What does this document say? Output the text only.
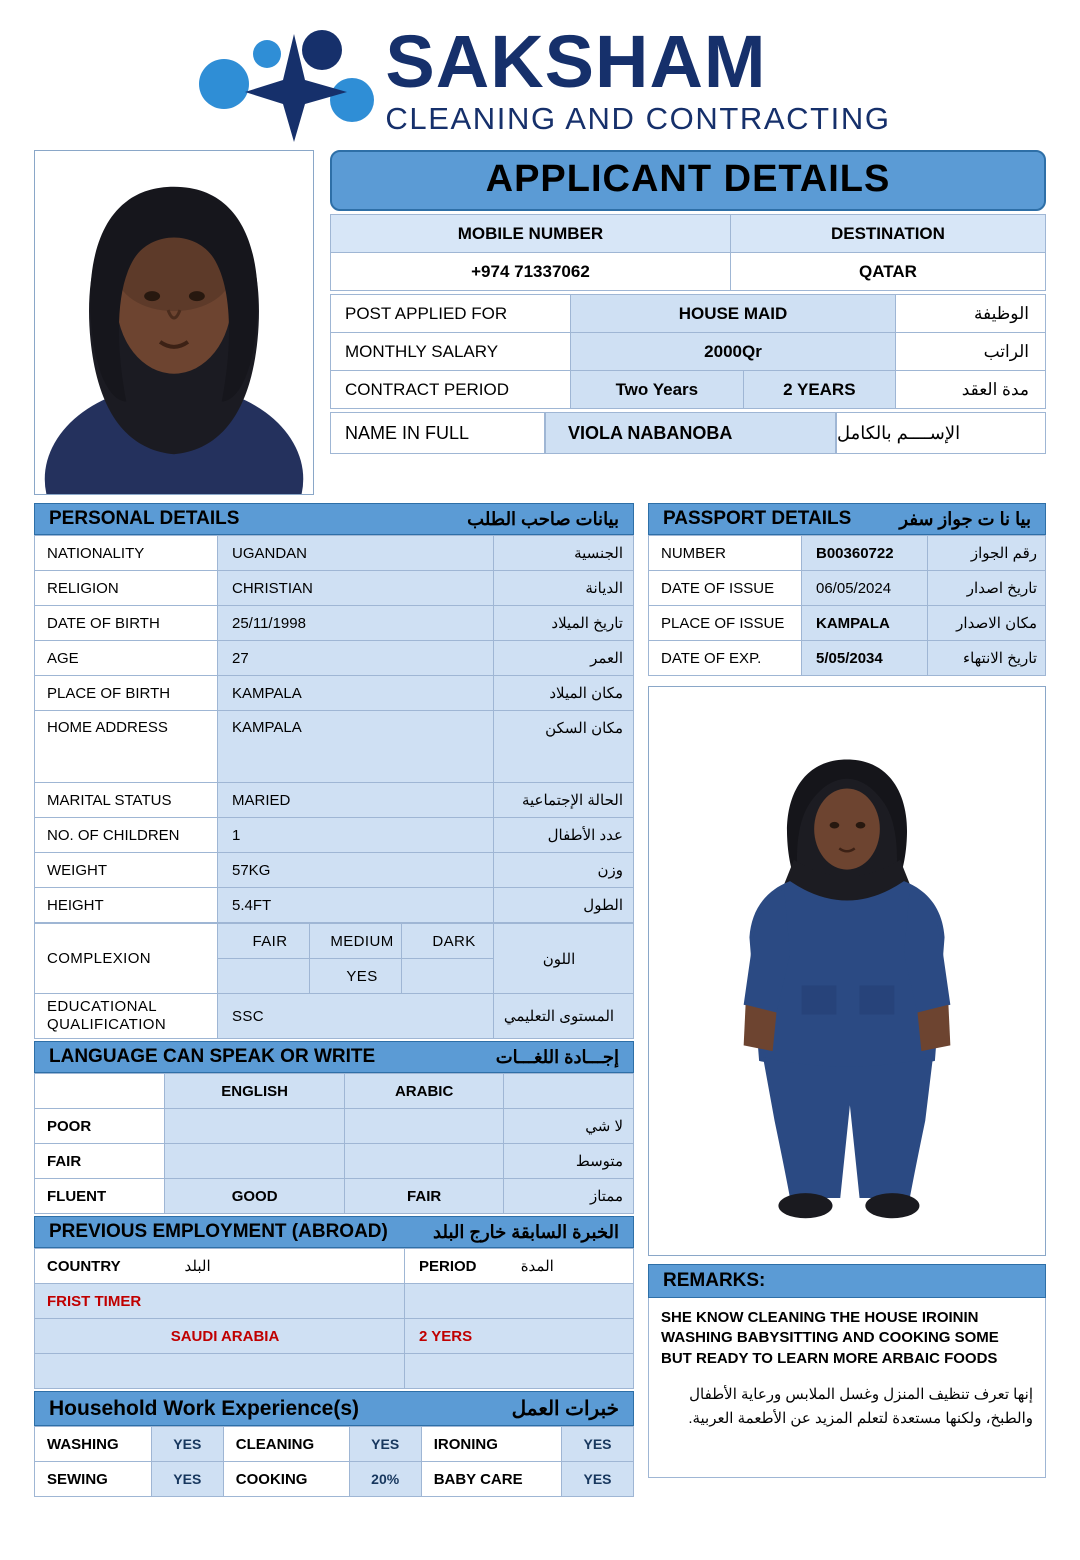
SAKSHAM
CLEANING AND CONTRACTING
APPLICANT DETAILS
MOBILE NUMBER	DESTINATION
+974 71337062	QATAR
POST APPLIED FOR	HOUSE MAID		الوظيفة
MONTHLY SALARY	2000Qr		الراتب
CONTRACT PERIOD	Two Years	2 YEARS	مدة العقد
NAME IN FULL	VIOLA NABANOBA	الإســــم بالكامل
PERSONAL DETAILS	بيانات صاحب الطلب
NATIONALITY	UGANDAN	الجنسية
RELIGION	CHRISTIAN	الديانة
DATE OF BIRTH	25/11/1998	تاريخ الميلاد
AGE	27	العمر
PLACE OF BIRTH	KAMPALA	مكان الميلاد
HOME ADDRESS	KAMPALA	مكان السكن
MARITAL STATUS	MARIED	الحالة الإجتماعية
NO. OF CHILDREN	1	عدد الأطفال
WEIGHT	57KG	وزن
HEIGHT	5.4FT	الطول
COMPLEXION	FAIR	MEDIUM	DARK	اللون
		YES		
EDUCATIONAL
QUALIFICATION	SSC			المستوى التعليمي
LANGUAGE CAN SPEAK OR WRITE	إجـــادة اللغـــات
	ENGLISH	ARABIC	
POOR			لا شي
FAIR			متوسط
FLUENT	GOOD	FAIR	ممتاز
PREVIOUS EMPLOYMENT (ABROAD)	الخبرة السابقة خارج البلد
COUNTRY البلد	PERIOD المدة
FRIST TIMER	
SAUDI ARABIA	2 YERS

Household Work Experience(s)	خبرات العمل
WASHING	YES	CLEANING	YES	IRONING	YES
SEWING	YES	COOKING	20%	BABY CARE	YES
PASSPORT DETAILS	بيا نا ت جواز سفر
NUMBER	B00360722	رقم الجواز
DATE OF ISSUE	06/05/2024	تاريخ اصدار
PLACE OF ISSUE	KAMPALA	مكان الاصدار
DATE OF EXP.	5/05/2034	تاريخ الانتهاء
REMARKS:
SHE KNOW CLEANING THE HOUSE IROININ WASHING BABYSITTING AND COOKING SOME BUT READY TO LEARN MORE ARBAIC FOODS
إنها تعرف تنظيف المنزل وغسل الملابس ورعاية الأطفال والطبخ، ولكنها مستعدة لتعلم المزيد عن الأطعمة العربية.
